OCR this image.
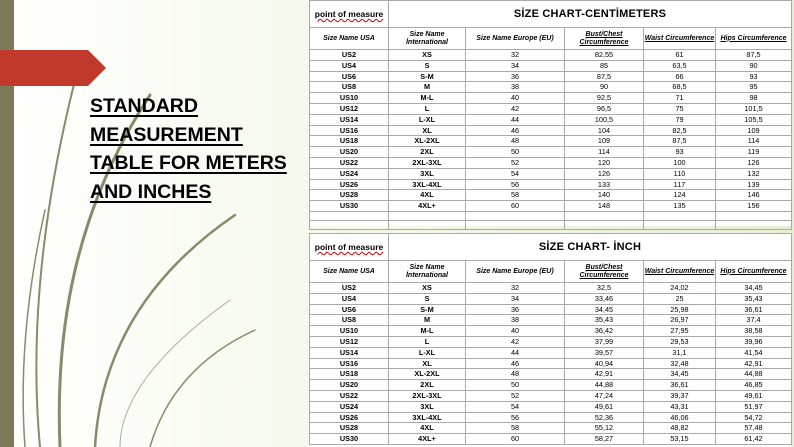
STANDARD MEASUREMENT TABLE FOR METERS AND INCHES
point of measure	SİZE CHART-CENTİMETERS				
Size Name USA	Size Name İnternational	Size Name Europe (EU)	Bust/Chest Circumference	Waist Circumference	Hips Circumference
US2	XS	32	82,55	61	87,5
US4	S	34	85	63,5	90
US6	S-M	36	87,5	66	93
US8	M	38	90	68,5	95
US10	M-L	40	92,5	71	98
US12	L	42	96,5	75	101,5
US14	L-XL	44	100,5	79	105,5
US16	XL	46	104	82,5	109
US18	XL-2XL	48	109	87,5	114
US20	2XL	50	114	93	119
US22	2XL-3XL	52	120	100	126
US24	3XL	54	126	110	132
US26	3XL-4XL	56	133	117	139
US28	4XL	58	140	124	146
US30	4XL+	60	148	135	156

point of measure	SİZE CHART- İNCH				
Size Name USA	Size Name İnternational	Size Name Europe (EU)	Bust/Chest Circumference	Waist Circumference	Hips Circumference
US2	XS	32	32,5	24,02	34,45
US4	S	34	33,46	25	35,43
US6	S-M	36	34,45	25,98	36,61
US8	M	38	35,43	26,97	37,4
US10	M-L	40	36,42	27,95	38,58
US12	L	42	37,99	29,53	39,96
US14	L-XL	44	39,57	31,1	41,54
US16	XL	46	40,94	32,48	42,91
US18	XL-2XL	48	42,91	34,45	44,88
US20	2XL	50	44,88	36,61	46,85
US22	2XL-3XL	52	47,24	39,37	49,61
US24	3XL	54	49,61	43,31	51,97
US26	3XL-4XL	56	52,36	46,06	54,72
US28	4XL	58	55,12	48,82	57,48
US30	4XL+	60	58,27	53,15	61,42
